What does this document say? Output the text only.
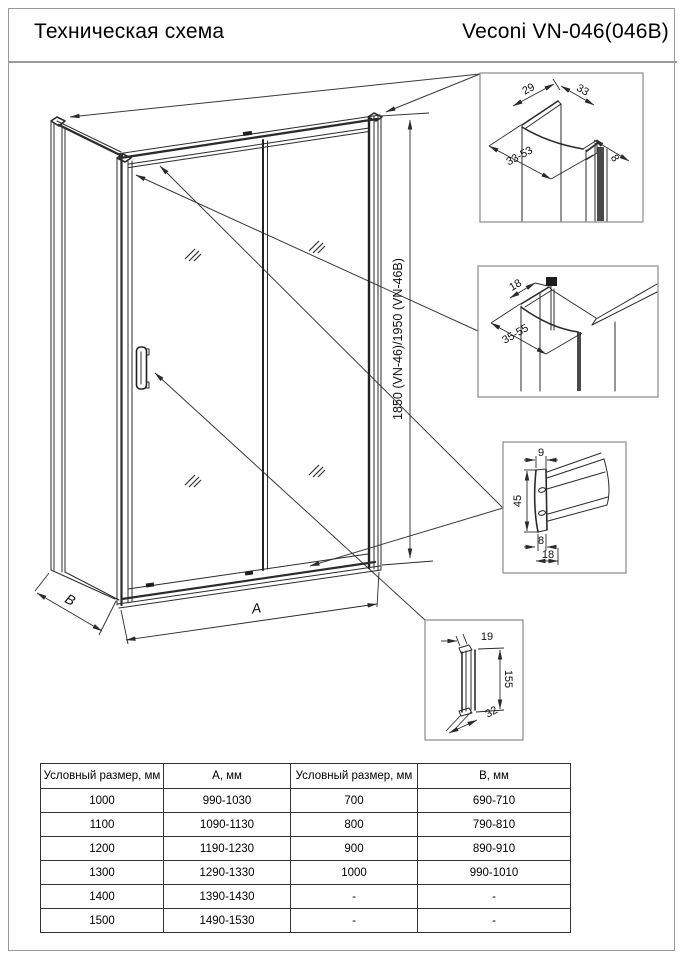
Техническая схема	Veconi VN-046(046B)
1850 (VN-46)/1950 (VN-46B)
A
B
29	33
33-53	8
18
35-55
9
45
8
18
19
155
32
Условный размер, мм	А, мм	Условный размер, мм	В, мм
1000	990-1030	700	690-710
1100	1090-1130	800	790-810
1200	1190-1230	900	890-910
1300	1290-1330	1000	990-1010
1400	1390-1430	-	-
1500	1490-1530	-	-
